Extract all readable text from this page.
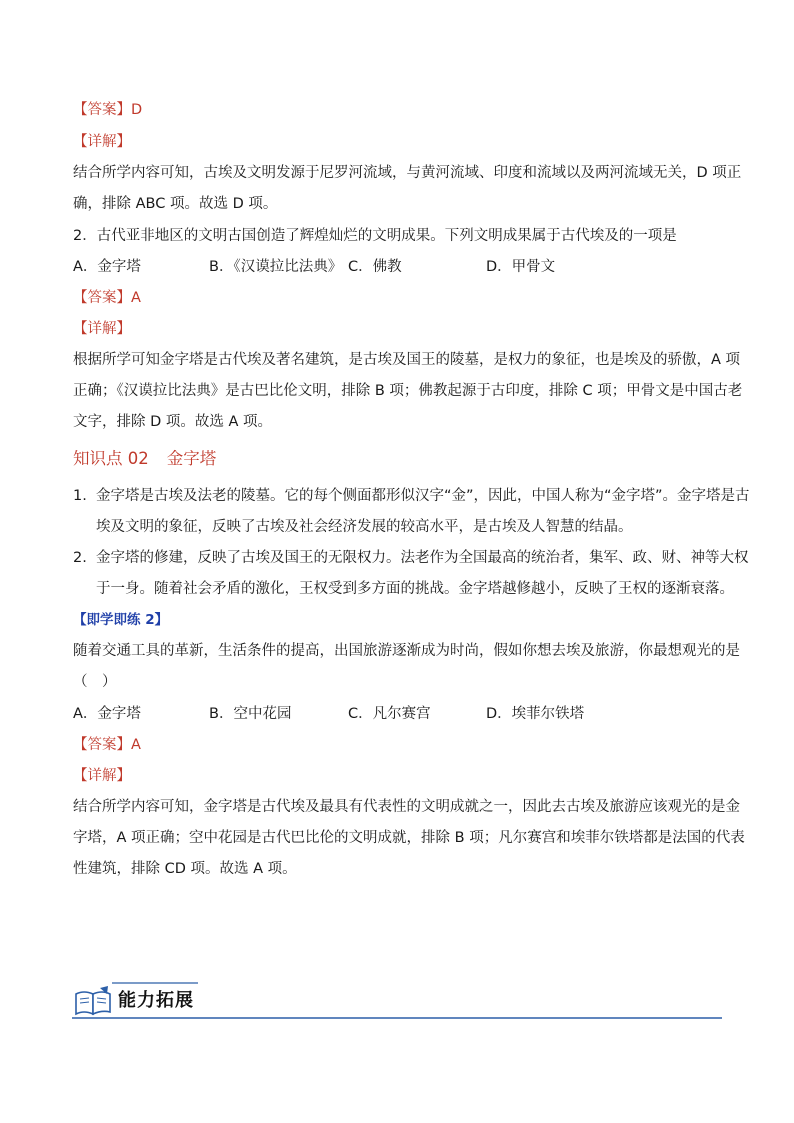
【答案】D
【详解】
结合所学内容可知，古埃及文明发源于尼罗河流域，与黄河流域、印度和流域以及两河流域无关，D 项正
确，排除 ABC 项。故选 D 项。
2．古代亚非地区的文明古国创造了辉煌灿烂的文明成果。下列文明成果属于古代埃及的一项是
A．金字塔	B．《汉谟拉比法典》 C．佛教	D．甲骨文
【答案】A
【详解】
根据所学可知金字塔是古代埃及著名建筑，是古埃及国王的陵墓，是权力的象征，也是埃及的骄傲，A 项
正确；《汉谟拉比法典》是古巴比伦文明，排除 B 项；佛教起源于古印度，排除 C 项；甲骨文是中国古老
文字，排除 D 项。故选 A 项。
知识点 02 金字塔
1. 金字塔是古埃及法老的陵墓。它的每个侧面都形似汉字“金”，因此，中国人称为“金字塔”。金字塔是古
埃及文明的象征，反映了古埃及社会经济发展的较高水平，是古埃及人智慧的结晶。
2. 金字塔的修建，反映了古埃及国王的无限权力。法老作为全国最高的统治者，集军、政、财、神等大权
于一身。随着社会矛盾的激化，王权受到多方面的挑战。金字塔越修越小，反映了王权的逐渐衰落。
【即学即练 2】
随着交通工具的革新，生活条件的提高，出国旅游逐渐成为时尚，假如你想去埃及旅游，你最想观光的是
（　）
A．金字塔	B．空中花园	C．凡尔赛宫	D．埃菲尔铁塔
【答案】A
【详解】
结合所学内容可知，金字塔是古代埃及最具有代表性的文明成就之一，因此去古埃及旅游应该观光的是金
字塔，A 项正确；空中花园是古代巴比伦的文明成就，排除 B 项；凡尔赛宫和埃菲尔铁塔都是法国的代表
性建筑，排除 CD 项。故选 A 项。
能力拓展
